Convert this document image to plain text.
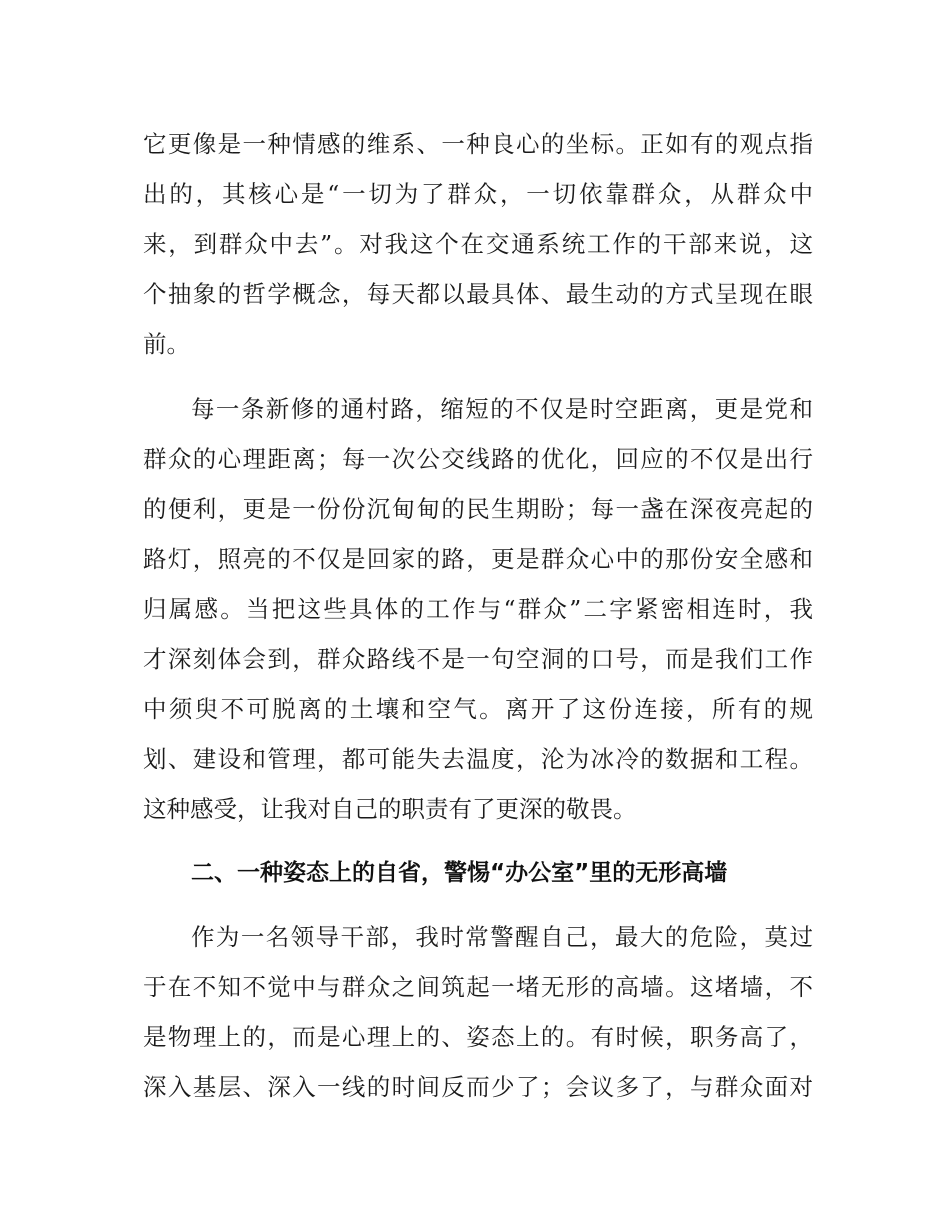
它更像是一种情感的维系、一种良心的坐标。正如有的观点指
出的，其核心是“一切为了群众，一切依靠群众，从群众中
来，到群众中去”。对我这个在交通系统工作的干部来说，这
个抽象的哲学概念，每天都以最具体、最生动的方式呈现在眼
前。
每一条新修的通村路，缩短的不仅是时空距离，更是党和
群众的心理距离；每一次公交线路的优化，回应的不仅是出行
的便利，更是一份份沉甸甸的民生期盼；每一盏在深夜亮起的
路灯，照亮的不仅是回家的路，更是群众心中的那份安全感和
归属感。当把这些具体的工作与“群众”二字紧密相连时，我
才深刻体会到，群众路线不是一句空洞的口号，而是我们工作
中须臾不可脱离的土壤和空气。离开了这份连接，所有的规
划、建设和管理，都可能失去温度，沦为冰冷的数据和工程。
这种感受，让我对自己的职责有了更深的敬畏。
二、一种姿态上的自省，警惕“办公室”里的无形高墙
作为一名领导干部，我时常警醒自己，最大的危险，莫过
于在不知不觉中与群众之间筑起一堵无形的高墙。这堵墙，不
是物理上的，而是心理上的、姿态上的。有时候，职务高了，
深入基层、深入一线的时间反而少了；会议多了，与群众面对
